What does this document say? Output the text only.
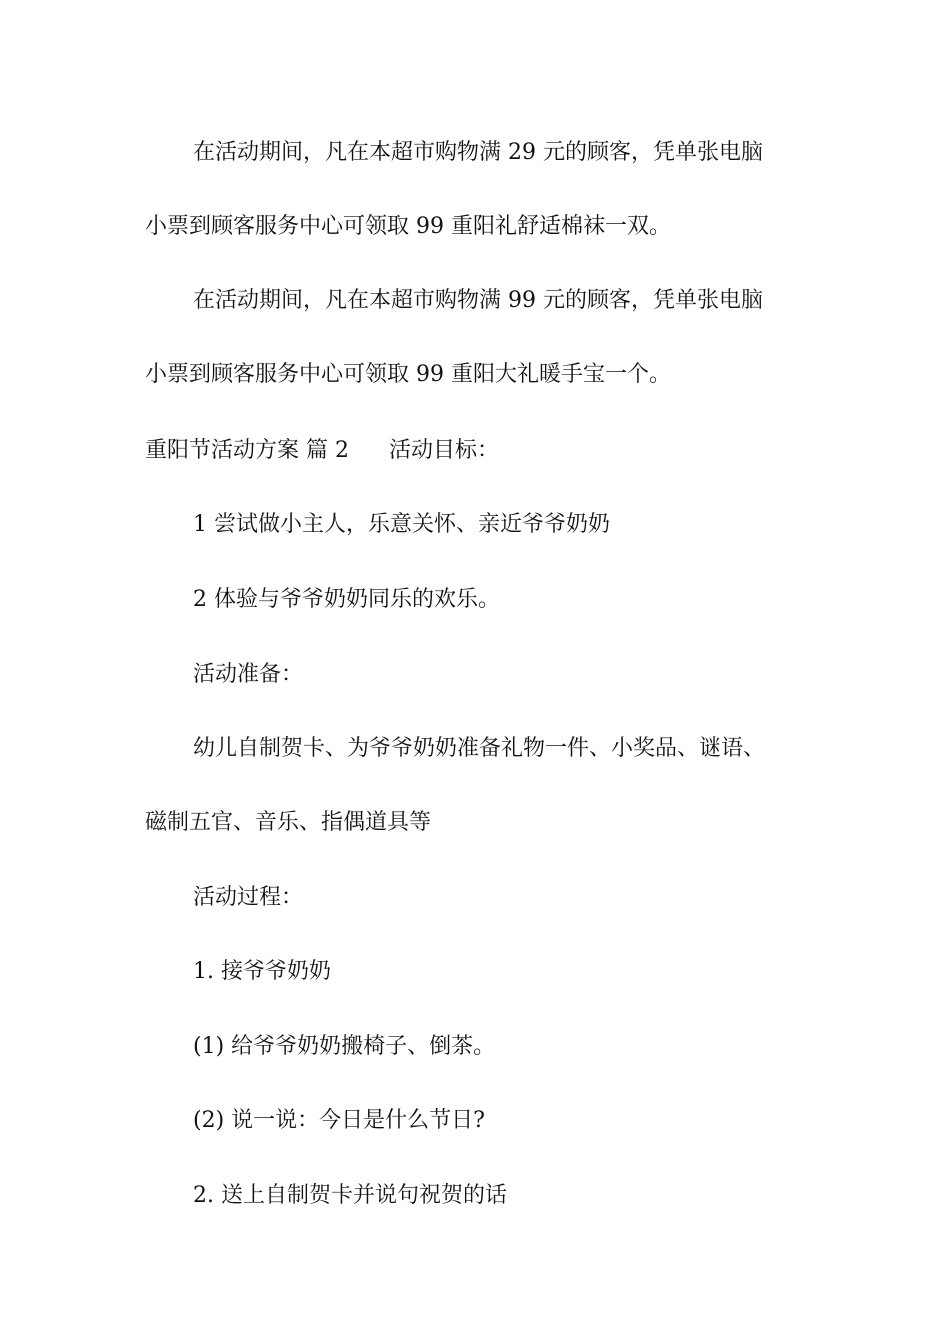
在活动期间，凡在本超市购物满 29 元的顾客，凭单张电脑
小票到顾客服务中心可领取 99 重阳礼舒适棉袜一双。
在活动期间，凡在本超市购物满 99 元的顾客，凭单张电脑
小票到顾客服务中心可领取 99 重阳大礼暖手宝一个。
重阳节活动方案 篇 2 活动目标：
1 尝试做小主人，乐意关怀、亲近爷爷奶奶
2 体验与爷爷奶奶同乐的欢乐。
活动准备：
幼儿自制贺卡、为爷爷奶奶准备礼物一件、小奖品、谜语、
磁制五官、音乐、指偶道具等
活动过程：
1. 接爷爷奶奶
(1) 给爷爷奶奶搬椅子、倒茶。
(2) 说一说：今日是什么节日?
2. 送上自制贺卡并说句祝贺的话
